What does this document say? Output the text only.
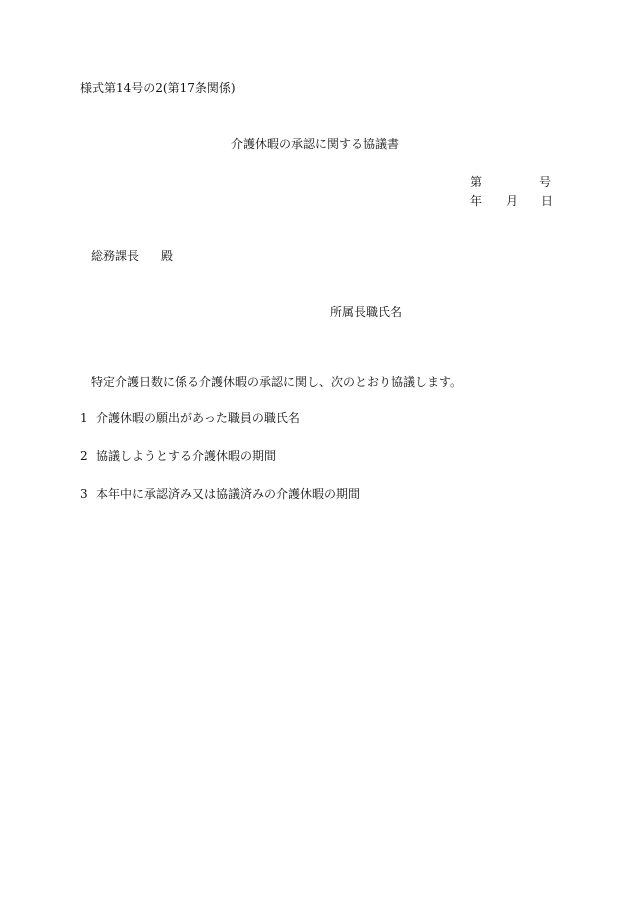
様式第14号の2(第17条関係)
介護休暇の承認に関する協議書
第	号
年 月 日
総務課長 殿
所属長職氏名
特定介護日数に係る介護休暇の承認に関し、次のとおり協議します。
1 介護休暇の願出があった職員の職氏名
2 協議しようとする介護休暇の期間
3 本年中に承認済み又は協議済みの介護休暇の期間
